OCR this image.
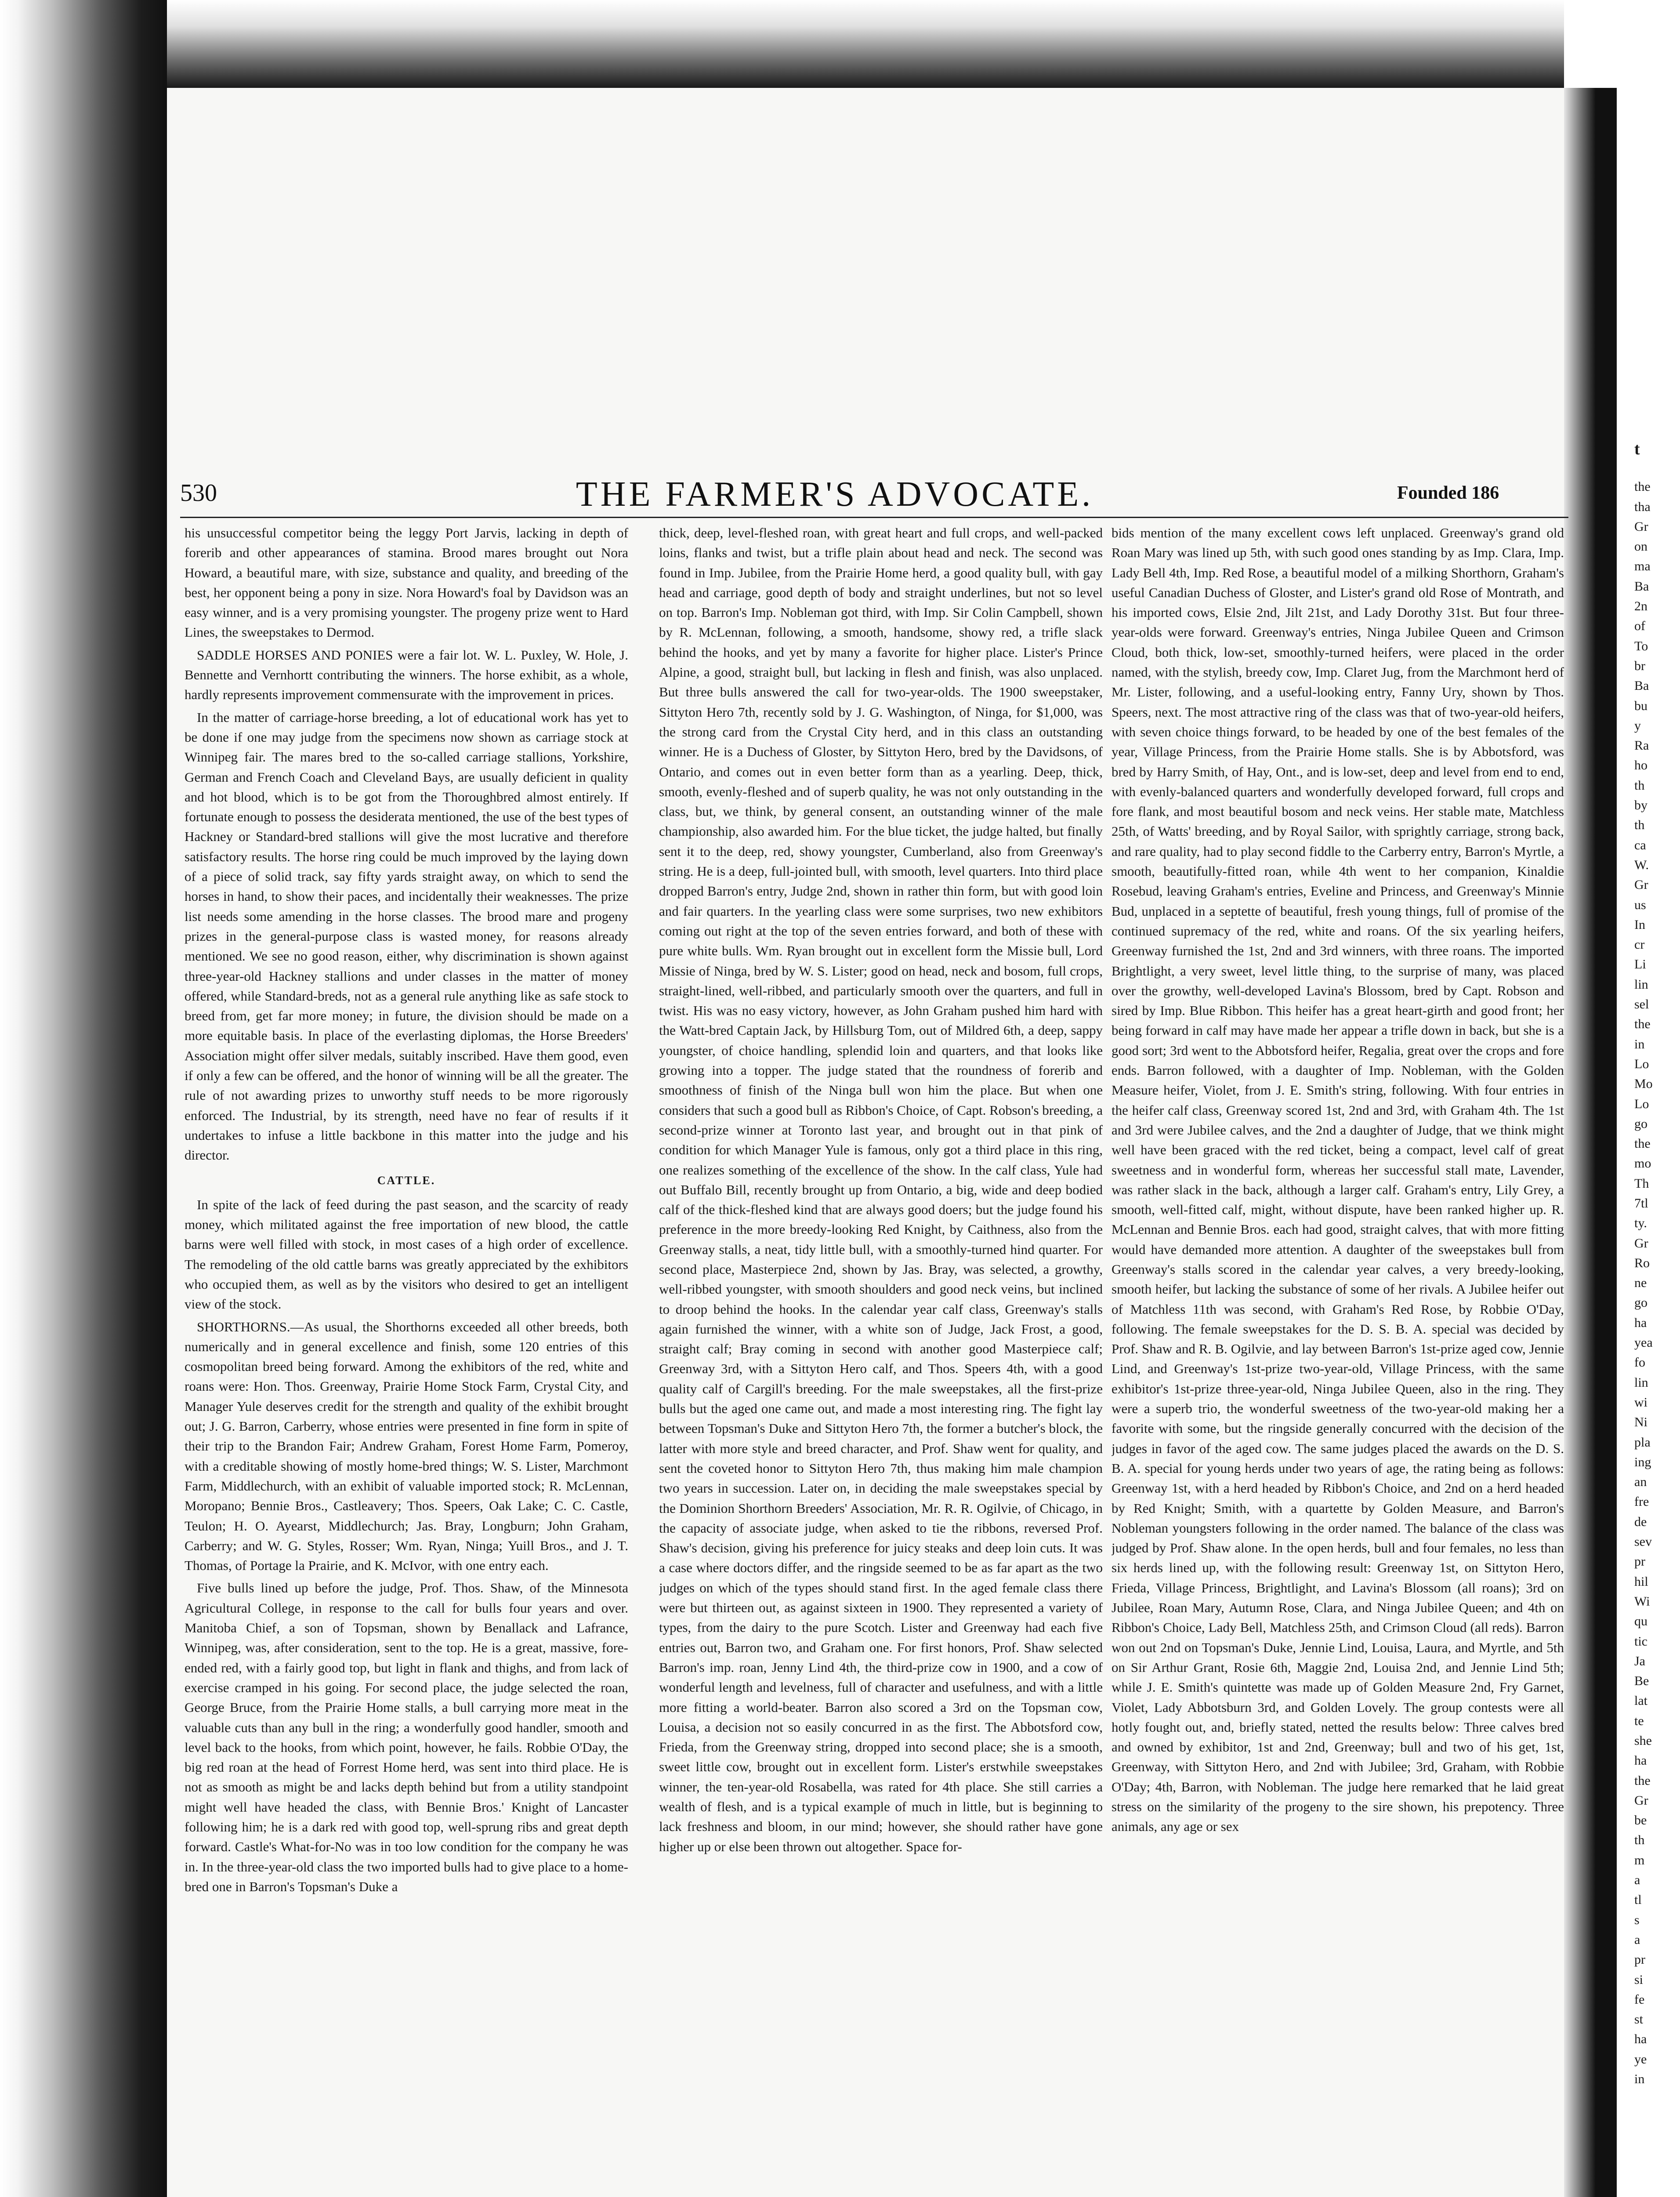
t

the

tha

Gr

on

ma

Ba

2n

of

To

br

Ba

bu

y

Ra

ho

th

by

th

ca

W.

Gr

us

In

cr

Li

lin

sel

the

in

Lo

Mo

Lo

go

the

mo

Th

7tl

ty.

Gr

Ro

ne

go

ha

yea

fo

lin

wi

Ni

pla

ing

an

fre

de

sev

pr

hil

Wi

qu

tic

Ja

Be

lat

te

she

ha

the

Gr

be

th

m

a

tl

s

a

pr

si

fe

st

ha

ye

in

530	THE FARMER'S ADVOCATE.	Founded 186

his unsuccessful competitor being the leggy Port Jarvis, lacking in depth of forerib and other appearances of stamina. Brood mares brought out Nora Howard, a beautiful mare, with size, substance and quality, and breeding of the best, her opponent being a pony in size. Nora Howard's foal by Davidson was an easy winner, and is a very promising youngster. The progeny prize went to Hard Lines, the sweepstakes to Dermod.

SADDLE HORSES AND PONIES were a fair lot. W. L. Puxley, W. Hole, J. Bennette and Vernhortt contributing the winners. The horse exhibit, as a whole, hardly represents improvement commensurate with the improvement in prices.

In the matter of carriage-horse breeding, a lot of educational work has yet to be done if one may judge from the specimens now shown as carriage stock at Winnipeg fair. The mares bred to the so-called carriage stallions, Yorkshire, German and French Coach and Cleveland Bays, are usually deficient in quality and hot blood, which is to be got from the Thoroughbred almost entirely. If fortunate enough to possess the desiderata mentioned, the use of the best types of Hackney or Standard-bred stallions will give the most lucrative and therefore satisfactory results. The horse ring could be much improved by the laying down of a piece of solid track, say fifty yards straight away, on which to send the horses in hand, to show their paces, and incidentally their weaknesses. The prize list needs some amending in the horse classes. The brood mare and progeny prizes in the general-purpose class is wasted money, for reasons already mentioned. We see no good reason, either, why discrimination is shown against three-year-old Hackney stallions and under classes in the matter of money offered, while Standard-breds, not as a general rule anything like as safe stock to breed from, get far more money; in future, the division should be made on a more equitable basis. In place of the everlasting diplomas, the Horse Breeders' Association might offer silver medals, suitably inscribed. Have them good, even if only a few can be offered, and the honor of winning will be all the greater. The rule of not awarding prizes to unworthy stuff needs to be more rigorously enforced. The Industrial, by its strength, need have no fear of results if it undertakes to infuse a little backbone in this matter into the judge and his director.

CATTLE.

In spite of the lack of feed during the past season, and the scarcity of ready money, which militated against the free importation of new blood, the cattle barns were well filled with stock, in most cases of a high order of excellence. The remodeling of the old cattle barns was greatly appreciated by the exhibitors who occupied them, as well as by the visitors who desired to get an intelligent view of the stock.

SHORTHORNS.—As usual, the Shorthorns exceeded all other breeds, both numerically and in general excellence and finish, some 120 entries of this cosmopolitan breed being forward. Among the exhibitors of the red, white and roans were: Hon. Thos. Greenway, Prairie Home Stock Farm, Crystal City, and Manager Yule deserves credit for the strength and quality of the exhibit brought out; J. G. Barron, Carberry, whose entries were presented in fine form in spite of their trip to the Brandon Fair; Andrew Graham, Forest Home Farm, Pomeroy, with a creditable showing of mostly home-bred things; W. S. Lister, Marchmont Farm, Middlechurch, with an exhibit of valuable imported stock; R. McLennan, Moropano; Bennie Bros., Castleavery; Thos. Speers, Oak Lake; C. C. Castle, Teulon; H. O. Ayearst, Middlechurch; Jas. Bray, Longburn; John Graham, Carberry; and W. G. Styles, Rosser; Wm. Ryan, Ninga; Yuill Bros., and J. T. Thomas, of Portage la Prairie, and K. McIvor, with one entry each.

Five bulls lined up before the judge, Prof. Thos. Shaw, of the Minnesota Agricultural College, in response to the call for bulls four years and over. Manitoba Chief, a son of Topsman, shown by Benallack and Lafrance, Winnipeg, was, after consideration, sent to the top. He is a great, massive, fore-ended red, with a fairly good top, but light in flank and thighs, and from lack of exercise cramped in his going. For second place, the judge selected the roan, George Bruce, from the Prairie Home stalls, a bull carrying more meat in the valuable cuts than any bull in the ring; a wonderfully good handler, smooth and level back to the hooks, from which point, however, he fails. Robbie O'Day, the big red roan at the head of Forrest Home herd, was sent into third place. He is not as smooth as might be and lacks depth behind but from a utility standpoint might well have headed the class, with Bennie Bros.' Knight of Lancaster following him; he is a dark red with good top, well-sprung ribs and great depth forward. Castle's What-for-No was in too low condition for the company he was in. In the three-year-old class the two imported bulls had to give place to a home-bred one in Barron's Topsman's Duke a

thick, deep, level-fleshed roan, with great heart and full crops, and well-packed loins, flanks and twist, but a trifle plain about head and neck. The second was found in Imp. Jubilee, from the Prairie Home herd, a good quality bull, with gay head and carriage, good depth of body and straight underlines, but not so level on top. Barron's Imp. Nobleman got third, with Imp. Sir Colin Campbell, shown by R. McLennan, following, a smooth, handsome, showy red, a trifle slack behind the hooks, and yet by many a favorite for higher place. Lister's Prince Alpine, a good, straight bull, but lacking in flesh and finish, was also unplaced. But three bulls answered the call for two-year-olds. The 1900 sweepstaker, Sittyton Hero 7th, recently sold by J. G. Washington, of Ninga, for $1,000, was the strong card from the Crystal City herd, and in this class an outstanding winner. He is a Duchess of Gloster, by Sittyton Hero, bred by the Davidsons, of Ontario, and comes out in even better form than as a yearling. Deep, thick, smooth, evenly-fleshed and of superb quality, he was not only outstanding in the class, but, we think, by general consent, an outstanding winner of the male championship, also awarded him. For the blue ticket, the judge halted, but finally sent it to the deep, red, showy youngster, Cumberland, also from Greenway's string. He is a deep, full-jointed bull, with smooth, level quarters. Into third place dropped Barron's entry, Judge 2nd, shown in rather thin form, but with good loin and fair quarters. In the yearling class were some surprises, two new exhibitors coming out right at the top of the seven entries forward, and both of these with pure white bulls. Wm. Ryan brought out in excellent form the Missie bull, Lord Missie of Ninga, bred by W. S. Lister; good on head, neck and bosom, full crops, straight-lined, well-ribbed, and particularly smooth over the quarters, and full in twist. His was no easy victory, however, as John Graham pushed him hard with the Watt-bred Captain Jack, by Hillsburg Tom, out of Mildred 6th, a deep, sappy youngster, of choice handling, splendid loin and quarters, and that looks like growing into a topper. The judge stated that the roundness of forerib and smoothness of finish of the Ninga bull won him the place. But when one considers that such a good bull as Ribbon's Choice, of Capt. Robson's breeding, a second-prize winner at Toronto last year, and brought out in that pink of condition for which Manager Yule is famous, only got a third place in this ring, one realizes something of the excellence of the show. In the calf class, Yule had out Buffalo Bill, recently brought up from Ontario, a big, wide and deep bodied calf of the thick-fleshed kind that are always good doers; but the judge found his preference in the more breedy-looking Red Knight, by Caithness, also from the Greenway stalls, a neat, tidy little bull, with a smoothly-turned hind quarter. For second place, Masterpiece 2nd, shown by Jas. Bray, was selected, a growthy, well-ribbed youngster, with smooth shoulders and good neck veins, but inclined to droop behind the hooks. In the calendar year calf class, Greenway's stalls again furnished the winner, with a white son of Judge, Jack Frost, a good, straight calf; Bray coming in second with another good Masterpiece calf; Greenway 3rd, with a Sittyton Hero calf, and Thos. Speers 4th, with a good quality calf of Cargill's breeding. For the male sweepstakes, all the first-prize bulls but the aged one came out, and made a most interesting ring. The fight lay between Topsman's Duke and Sittyton Hero 7th, the former a butcher's block, the latter with more style and breed character, and Prof. Shaw went for quality, and sent the coveted honor to Sittyton Hero 7th, thus making him male champion two years in succession. Later on, in deciding the male sweepstakes special by the Dominion Shorthorn Breeders' Association, Mr. R. R. Ogilvie, of Chicago, in the capacity of associate judge, when asked to tie the ribbons, reversed Prof. Shaw's decision, giving his preference for juicy steaks and deep loin cuts. It was a case where doctors differ, and the ringside seemed to be as far apart as the two judges on which of the types should stand first. In the aged female class there were but thirteen out, as against sixteen in 1900. They represented a variety of types, from the dairy to the pure Scotch. Lister and Greenway had each five entries out, Barron two, and Graham one. For first honors, Prof. Shaw selected Barron's imp. roan, Jenny Lind 4th, the third-prize cow in 1900, and a cow of wonderful length and levelness, full of character and usefulness, and with a little more fitting a world-beater. Barron also scored a 3rd on the Topsman cow, Louisa, a decision not so easily concurred in as the first. The Abbotsford cow, Frieda, from the Greenway string, dropped into second place; she is a smooth, sweet little cow, brought out in excellent form. Lister's erstwhile sweepstakes winner, the ten-year-old Rosabella, was rated for 4th place. She still carries a wealth of flesh, and is a typical example of much in little, but is beginning to lack freshness and bloom, in our mind; however, she should rather have gone higher up or else been thrown out altogether. Space for-

bids mention of the many excellent cows left unplaced. Greenway's grand old Roan Mary was lined up 5th, with such good ones standing by as Imp. Clara, Imp. Lady Bell 4th, Imp. Red Rose, a beautiful model of a milking Shorthorn, Graham's useful Canadian Duchess of Gloster, and Lister's grand old Rose of Montrath, and his imported cows, Elsie 2nd, Jilt 21st, and Lady Dorothy 31st. But four three-year-olds were forward. Greenway's entries, Ninga Jubilee Queen and Crimson Cloud, both thick, low-set, smoothly-turned heifers, were placed in the order named, with the stylish, breedy cow, Imp. Claret Jug, from the Marchmont herd of Mr. Lister, following, and a useful-looking entry, Fanny Ury, shown by Thos. Speers, next. The most attractive ring of the class was that of two-year-old heifers, with seven choice things forward, to be headed by one of the best females of the year, Village Princess, from the Prairie Home stalls. She is by Abbotsford, was bred by Harry Smith, of Hay, Ont., and is low-set, deep and level from end to end, with evenly-balanced quarters and wonderfully developed forward, full crops and fore flank, and most beautiful bosom and neck veins. Her stable mate, Matchless 25th, of Watts' breeding, and by Royal Sailor, with sprightly carriage, strong back, and rare quality, had to play second fiddle to the Carberry entry, Barron's Myrtle, a smooth, beautifully-fitted roan, while 4th went to her companion, Kinaldie Rosebud, leaving Graham's entries, Eveline and Princess, and Greenway's Minnie Bud, unplaced in a septette of beautiful, fresh young things, full of promise of the continued supremacy of the red, white and roans. Of the six yearling heifers, Greenway furnished the 1st, 2nd and 3rd winners, with three roans. The imported Brightlight, a very sweet, level little thing, to the surprise of many, was placed over the growthy, well-developed Lavina's Blossom, bred by Capt. Robson and sired by Imp. Blue Ribbon. This heifer has a great heart-girth and good front; her being forward in calf may have made her appear a trifle down in back, but she is a good sort; 3rd went to the Abbotsford heifer, Regalia, great over the crops and fore ends. Barron followed, with a daughter of Imp. Nobleman, with the Golden Measure heifer, Violet, from J. E. Smith's string, following. With four entries in the heifer calf class, Greenway scored 1st, 2nd and 3rd, with Graham 4th. The 1st and 3rd were Jubilee calves, and the 2nd a daughter of Judge, that we think might well have been graced with the red ticket, being a compact, level calf of great sweetness and in wonderful form, whereas her successful stall mate, Lavender, was rather slack in the back, although a larger calf. Graham's entry, Lily Grey, a smooth, well-fitted calf, might, without dispute, have been ranked higher up. R. McLennan and Bennie Bros. each had good, straight calves, that with more fitting would have demanded more attention. A daughter of the sweepstakes bull from Greenway's stalls scored in the calendar year calves, a very breedy-looking, smooth heifer, but lacking the substance of some of her rivals. A Jubilee heifer out of Matchless 11th was second, with Graham's Red Rose, by Robbie O'Day, following. The female sweepstakes for the D. S. B. A. special was decided by Prof. Shaw and R. B. Ogilvie, and lay between Barron's 1st-prize aged cow, Jennie Lind, and Greenway's 1st-prize two-year-old, Village Princess, with the same exhibitor's 1st-prize three-year-old, Ninga Jubilee Queen, also in the ring. They were a superb trio, the wonderful sweetness of the two-year-old making her a favorite with some, but the ringside generally concurred with the decision of the judges in favor of the aged cow. The same judges placed the awards on the D. S. B. A. special for young herds under two years of age, the rating being as follows: Greenway 1st, with a herd headed by Ribbon's Choice, and 2nd on a herd headed by Red Knight; Smith, with a quartette by Golden Measure, and Barron's Nobleman youngsters following in the order named. The balance of the class was judged by Prof. Shaw alone. In the open herds, bull and four females, no less than six herds lined up, with the following result: Greenway 1st, on Sittyton Hero, Frieda, Village Princess, Brightlight, and Lavina's Blossom (all roans); 3rd on Jubilee, Roan Mary, Autumn Rose, Clara, and Ninga Jubilee Queen; and 4th on Ribbon's Choice, Lady Bell, Matchless 25th, and Crimson Cloud (all reds). Barron won out 2nd on Topsman's Duke, Jennie Lind, Louisa, Laura, and Myrtle, and 5th on Sir Arthur Grant, Rosie 6th, Maggie 2nd, Louisa 2nd, and Jennie Lind 5th; while J. E. Smith's quintette was made up of Golden Measure 2nd, Fry Garnet, Violet, Lady Abbotsburn 3rd, and Golden Lovely. The group contests were all hotly fought out, and, briefly stated, netted the results below: Three calves bred and owned by exhibitor, 1st and 2nd, Greenway; bull and two of his get, 1st, Greenway, with Sittyton Hero, and 2nd with Jubilee; 3rd, Graham, with Robbie O'Day; 4th, Barron, with Nobleman. The judge here remarked that he laid great stress on the similarity of the progeny to the sire shown, his prepotency. Three animals, any age or sex
